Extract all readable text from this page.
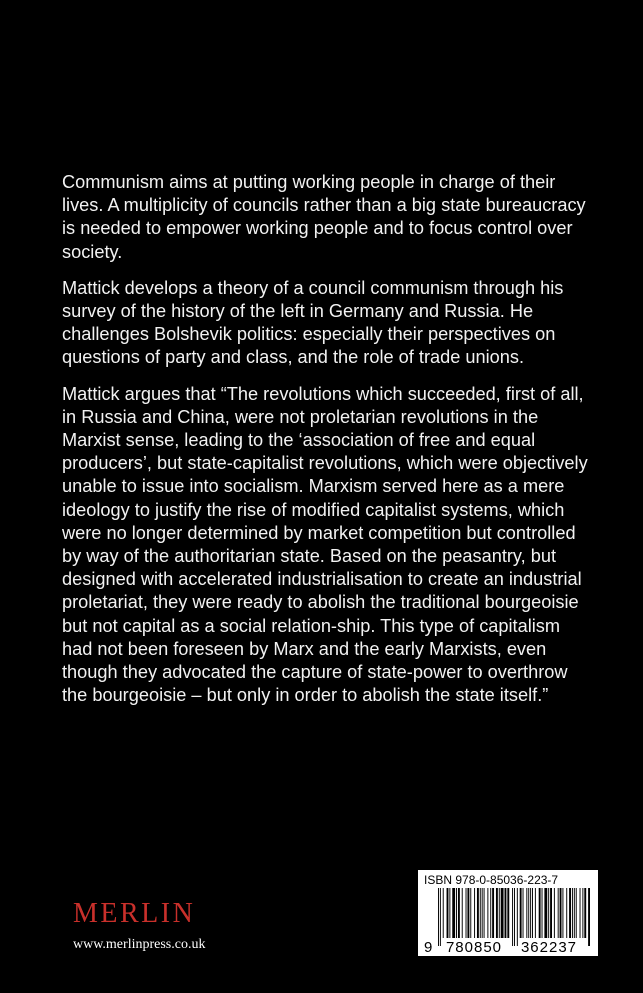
Communism aims at putting working people in charge of their lives. A multiplicity of councils rather than a big state bureaucracy is needed to empower working people and to focus control over society.

Mattick develops a theory of a council communism through his survey of the history of the left in Germany and Russia. He challenges Bolshevik politics: especially their perspectives on questions of party and class, and the role of trade unions.

Mattick argues that “The revolutions which succeeded, first of all, in Russia and China, were not proletarian revolutions in the Marxist sense, leading to the ‘association of free and equal producers’, but state-capitalist revolutions, which were objectively unable to issue into socialism. Marxism served here as a mere ideology to justify the rise of modified capitalist systems, which were no longer determined by market competition but controlled by way of the authoritarian state. Based on the peasantry, but designed with accelerated industrialisation to create an industrial proletariat, they were ready to abolish the traditional bourgeoisie but not capital as a social relation-ship. This type of capitalism had not been foreseen by Marx and the early Marxists, even though they advocated the capture of state-power to overthrow the bourgeoisie – but only in order to abolish the state itself.”

MERLIN
www.merlinpress.co.uk
ISBN 978-0-85036-223-7
9 780850 362237
